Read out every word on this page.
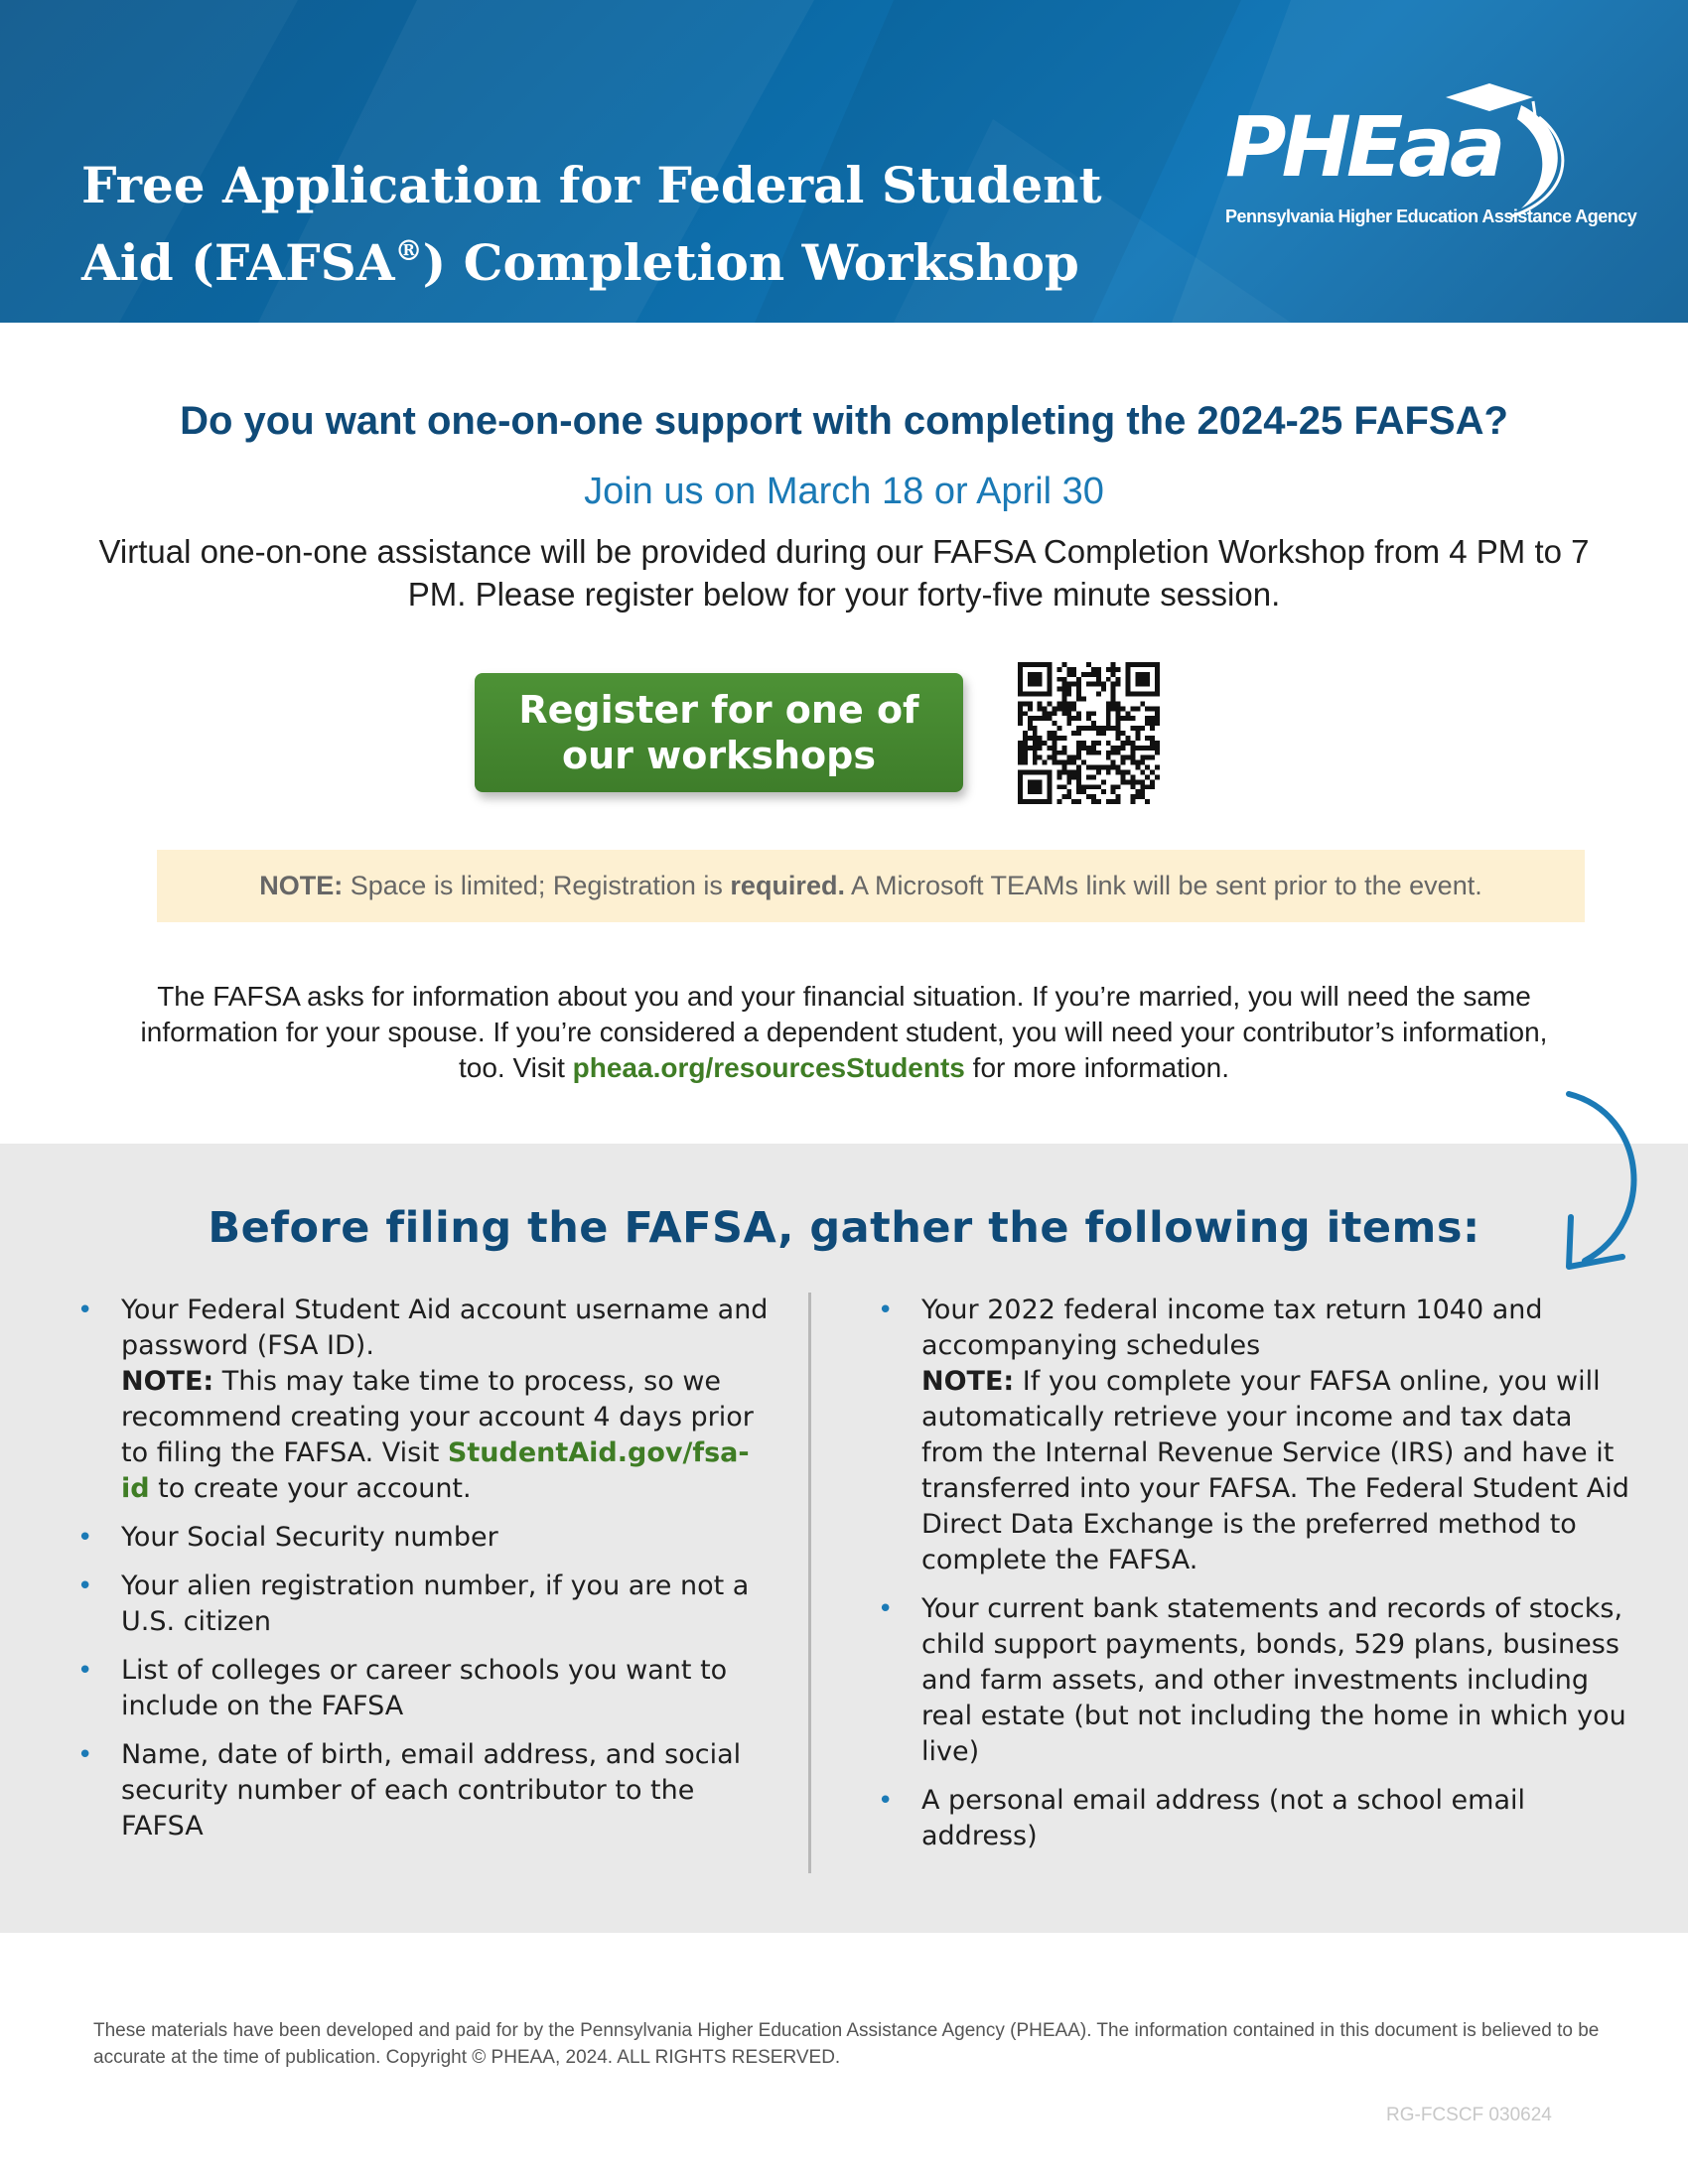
Free Application for Federal Student
Aid (FAFSA®) Completion Workshop
PHEaa
Pennsylvania Higher Education Assistance Agency
Do you want one-on-one support with completing the 2024-25 FAFSA?
Join us on March 18 or April 30
Virtual one-on-one assistance will be provided during our FAFSA Completion Workshop from 4 PM to 7 PM. Please register below for your forty-five minute session.
Register for one of our workshops
NOTE: Space is limited; Registration is required. A Microsoft TEAMs link will be sent prior to the event.
The FAFSA asks for information about you and your financial situation. If you’re married, you will need the same information for your spouse. If you’re considered a dependent student, you will need your contributor’s information, too. Visit pheaa.org/resourcesStudents for more information.
Before filing the FAFSA, gather the following items:
• Your Federal Student Aid account username and password (FSA ID).
NOTE: This may take time to process, so we recommend creating your account 4 days prior to filing the FAFSA. Visit StudentAid.gov/fsa-id to create your account.
• Your Social Security number
• Your alien registration number, if you are not a U.S. citizen
• List of colleges or career schools you want to include on the FAFSA
• Name, date of birth, email address, and social security number of each contributor to the FAFSA
• Your 2022 federal income tax return 1040 and accompanying schedules
NOTE: If you complete your FAFSA online, you will automatically retrieve your income and tax data from the Internal Revenue Service (IRS) and have it transferred into your FAFSA. The Federal Student Aid Direct Data Exchange is the preferred method to complete the FAFSA.
• Your current bank statements and records of stocks, child support payments, bonds, 529 plans, business and farm assets, and other investments including real estate (but not including the home in which you live)
• A personal email address (not a school email address)
These materials have been developed and paid for by the Pennsylvania Higher Education Assistance Agency (PHEAA). The information contained in this document is believed to be accurate at the time of publication. Copyright © PHEAA, 2024. ALL RIGHTS RESERVED.
RG-FCSCF 030624
